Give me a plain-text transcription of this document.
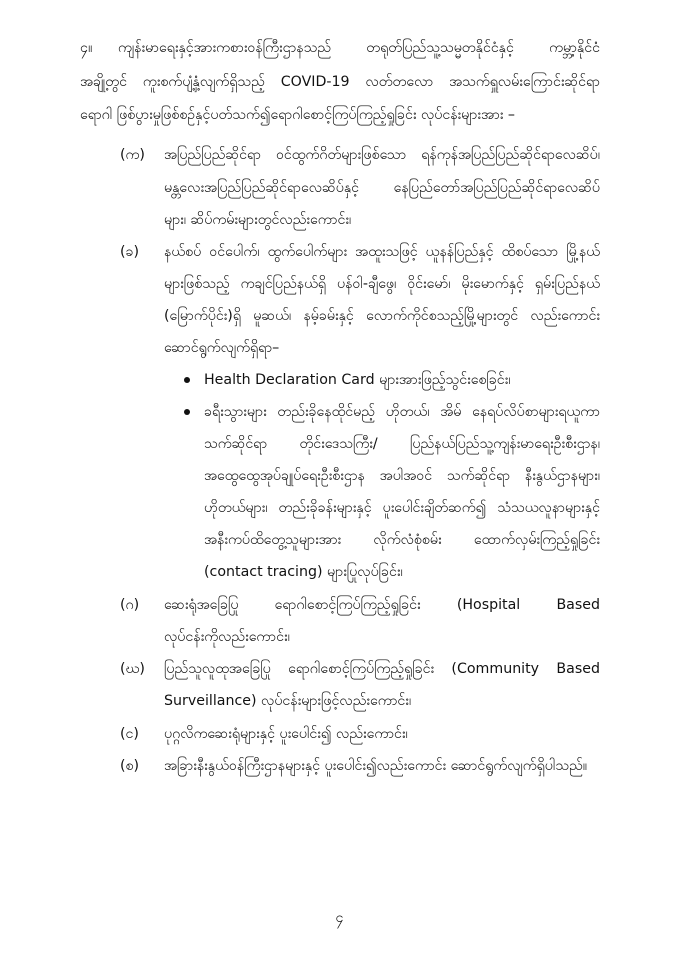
၄။ ကျန်းမာရေးနှင့်အားကစားဝန်ကြီးဌာနသည် တရုတ်ပြည်သူ့သမ္မတနိုင်ငံနှင့် ကမ္ဘာ့နိုင်ငံ
အချို့တွင် ကူးစက်ပျံ့နှံ့လျက်ရှိသည့် COVID-19 လတ်တလော အသက်ရှူလမ်းကြောင်းဆိုင်ရာ
ရောဂါ ဖြစ်ပွားမှုဖြစ်စဉ်နှင့်ပတ်သက်၍ရောဂါစောင့်ကြပ်ကြည့်ရှုခြင်း လုပ်ငန်းများအား –
(က) အပြည်ပြည်ဆိုင်ရာ ဝင်ထွက်ဂိတ်များဖြစ်သော ရန်ကုန်အပြည်ပြည်ဆိုင်ရာလေဆိပ်၊
မန္တလေးအပြည်ပြည်ဆိုင်ရာလေဆိပ်နှင့် နေပြည်တော်အပြည်ပြည်ဆိုင်ရာလေဆိပ်
များ၊ ဆိပ်ကမ်းများတွင်လည်းကောင်း၊
(ခ) နယ်စပ် ဝင်ပေါက်၊ ထွက်ပေါက်များ အထူးသဖြင့် ယူနန်ပြည်နှင့် ထိစပ်သော မြို့နယ်
များဖြစ်သည့် ကချင်ပြည်နယ်ရှိ ပန်ဝါ-ချီဖွေ၊ ဝိုင်းမော်၊ မိုးမောက်နှင့် ရှမ်းပြည်နယ်
(မြောက်ပိုင်း)ရှိ မူဆယ်၊ နမ့်ခမ်းနှင့် လောက်ကိုင်စသည့်မြို့များတွင် လည်းကောင်း
ဆောင်ရွက်လျက်ရှိရာ–
Health Declaration Card များအားဖြည့်သွင်းစေခြင်း၊
ခရီးသွားများ တည်းခိုနေထိုင်မည့် ဟိုတယ်၊ အိမ် နေရပ်လိပ်စာများရယူကာ
သက်ဆိုင်ရာ တိုင်းဒေသကြီး/ ပြည်နယ်ပြည်သူ့ကျန်းမာရေးဦးစီးဌာန၊
အထွေထွေအုပ်ချုပ်ရေးဦးစီးဌာန အပါအဝင် သက်ဆိုင်ရာ နီးနွယ်ဌာနများ၊
ဟိုတယ်များ၊ တည်းခိုခန်းများနှင့် ပူးပေါင်းချိတ်ဆက်၍ သံသယလူနာများနှင့်
အနီးကပ်ထိတွေ့သူများအား လိုက်လံစုံစမ်း ထောက်လှမ်းကြည့်ရှုခြင်း
(contact tracing) များပြုလုပ်ခြင်း၊
(ဂ) ဆေးရုံအခြေပြု ရောဂါစောင့်ကြပ်ကြည့်ရှုခြင်း (Hospital Based
လုပ်ငန်းကိုလည်းကောင်း၊
(ဃ) ပြည်သူလူထုအခြေပြု ရောဂါစောင့်ကြပ်ကြည့်ရှုခြင်း (Community Based
Surveillance) လုပ်ငန်းများဖြင့်လည်းကောင်း၊
(င) ပုဂ္ဂလိကဆေးရုံများနှင့် ပူးပေါင်း၍ လည်းကောင်း၊
(စ) အခြားနီးနွယ်ဝန်ကြီးဌာနများနှင့် ပူးပေါင်း၍လည်းကောင်း ဆောင်ရွက်လျက်ရှိပါသည်။
၄
